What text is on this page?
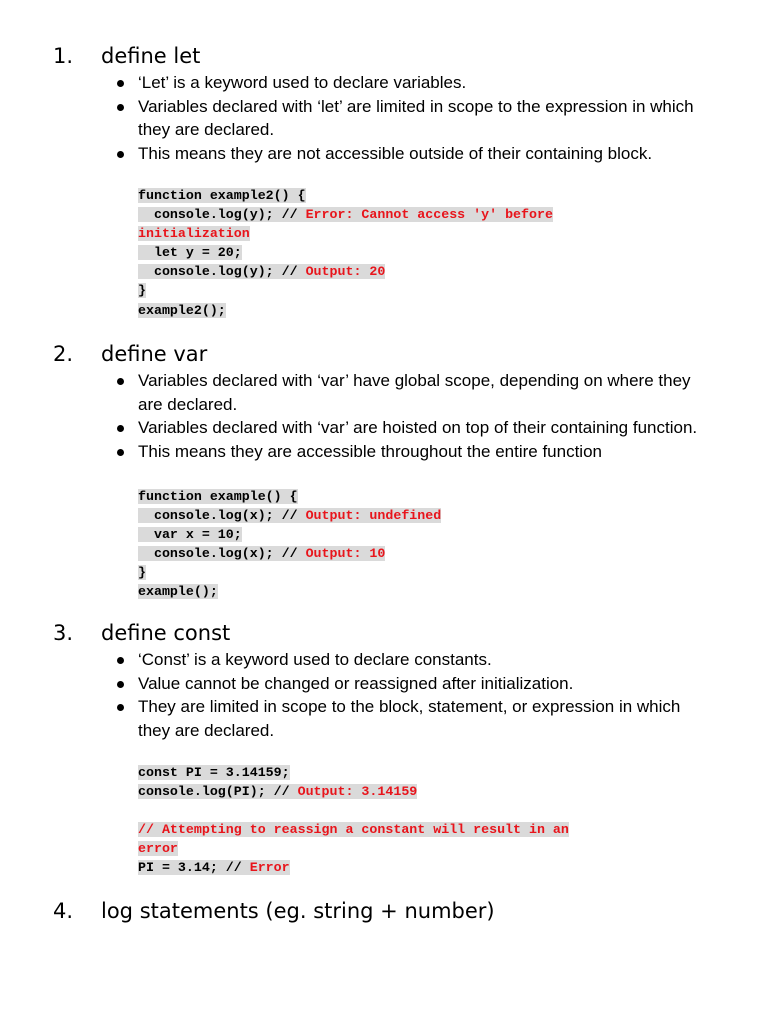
1. define let
‘Let’ is a keyword used to declare variables.
Variables declared with ‘let’ are limited in scope to the expression in which they are declared.
This means they are not accessible outside of their containing block.
function example2() {
console.log(y); // Error: Cannot access 'y' before
initialization
let y = 20;
console.log(y); // Output: 20
}
example2();
2. define var
Variables declared with ‘var’ have global scope, depending on where they are declared.
Variables declared with ‘var’ are hoisted on top of their containing function.
This means they are accessible throughout the entire function
function example() {
console.log(x); // Output: undefined
var x = 10;
console.log(x); // Output: 10
}
example();
3. define const
‘Const’ is a keyword used to declare constants.
Value cannot be changed or reassigned after initialization.
They are limited in scope to the block, statement, or expression in which they are declared.
const PI = 3.14159;
console.log(PI); // Output: 3.14159

// Attempting to reassign a constant will result in an
error
PI = 3.14; // Error
4. log statements (eg. string + number)
